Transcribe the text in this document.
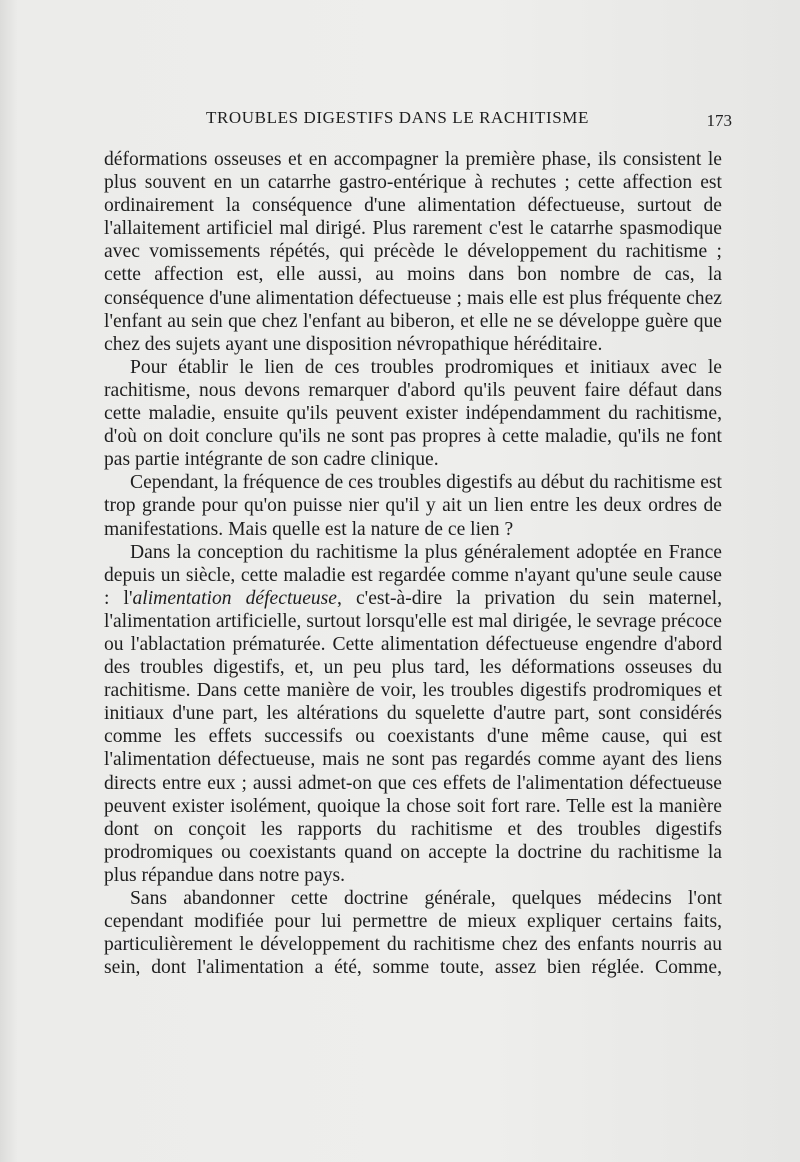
TROUBLES DIGESTIFS DANS LE RACHITISME	173

déformations osseuses et en accompagner la première phase, ils consistent le plus souvent en un catarrhe gastro-entérique à rechutes ; cette affection est ordinairement la conséquence d'une alimentation défectueuse, surtout de l'allaitement artificiel mal dirigé. Plus rarement c'est le catarrhe spasmodique avec vomissements répétés, qui précède le développement du rachitisme ; cette affection est, elle aussi, au moins dans bon nombre de cas, la conséquence d'une alimentation défectueuse ; mais elle est plus fréquente chez l'enfant au sein que chez l'enfant au biberon, et elle ne se développe guère que chez des sujets ayant une disposition névropathique héréditaire.

Pour établir le lien de ces troubles prodromiques et initiaux avec le rachitisme, nous devons remarquer d'abord qu'ils peuvent faire défaut dans cette maladie, ensuite qu'ils peuvent exister indépendamment du rachitisme, d'où on doit conclure qu'ils ne sont pas propres à cette maladie, qu'ils ne font pas partie intégrante de son cadre clinique.

Cependant, la fréquence de ces troubles digestifs au début du rachitisme est trop grande pour qu'on puisse nier qu'il y ait un lien entre les deux ordres de manifestations. Mais quelle est la nature de ce lien ?

Dans la conception du rachitisme la plus généralement adoptée en France depuis un siècle, cette maladie est regardée comme n'ayant qu'une seule cause : l'alimentation défectueuse, c'est-à-dire la privation du sein maternel, l'alimentation artificielle, surtout lorsqu'elle est mal dirigée, le sevrage précoce ou l'ablactation prématurée. Cette alimentation défectueuse engendre d'abord des troubles digestifs, et, un peu plus tard, les déformations osseuses du rachitisme. Dans cette manière de voir, les troubles digestifs prodromiques et initiaux d'une part, les altérations du squelette d'autre part, sont considérés comme les effets successifs ou coexistants d'une même cause, qui est l'alimentation défectueuse, mais ne sont pas regardés comme ayant des liens directs entre eux ; aussi admet-on que ces effets de l'alimentation défectueuse peuvent exister isolément, quoique la chose soit fort rare. Telle est la manière dont on conçoit les rapports du rachitisme et des troubles digestifs prodromiques ou coexistants quand on accepte la doctrine du rachitisme la plus répandue dans notre pays.

Sans abandonner cette doctrine générale, quelques médecins l'ont cependant modifiée pour lui permettre de mieux expliquer certains faits, particulièrement le développement du rachitisme chez des enfants nourris au sein, dont l'alimentation a été, somme toute, assez bien réglée. Comme,
